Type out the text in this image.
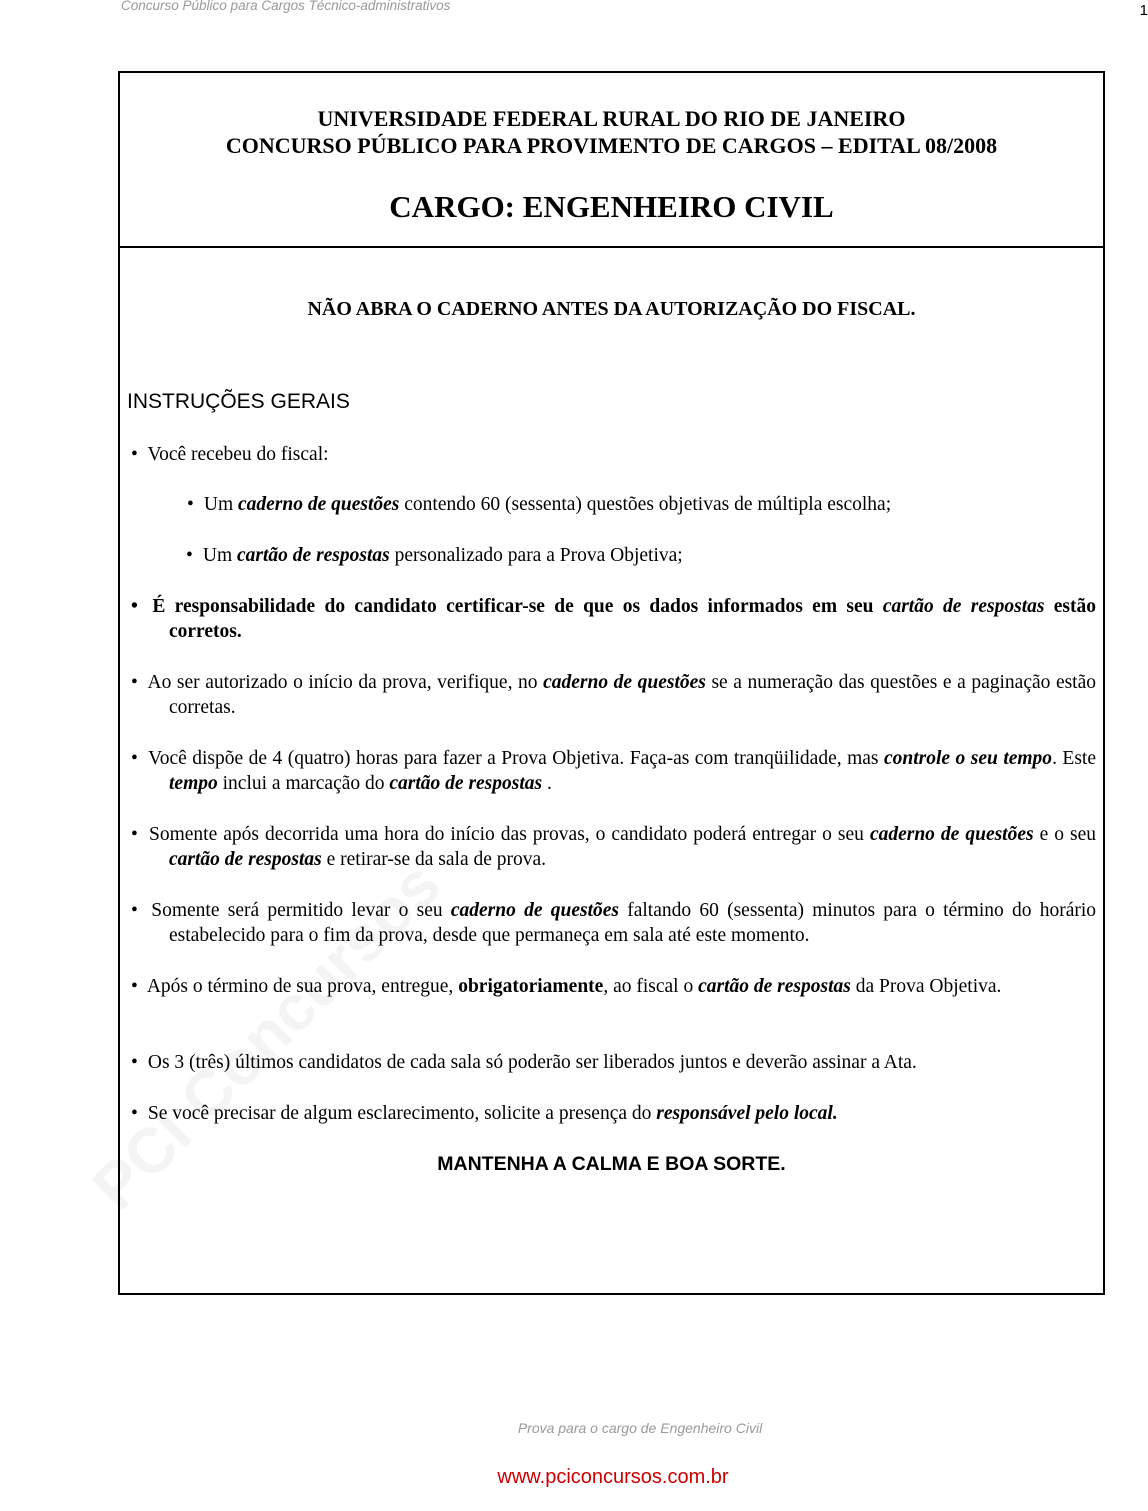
Concurso Público para Cargos Técnico-administrativos	1
UNIVERSIDADE FEDERAL RURAL DO RIO DE JANEIRO
CONCURSO PÚBLICO PARA PROVIMENTO DE CARGOS – EDITAL 08/2008
CARGO: ENGENHEIRO CIVIL
NÃO ABRA O CADERNO ANTES DA AUTORIZAÇÃO DO FISCAL.
INSTRUÇÕES GERAIS
• Você recebeu do fiscal:
• Um caderno de questões contendo 60 (sessenta) questões objetivas de múltipla escolha;
• Um cartão de respostas personalizado para a Prova Objetiva;
• É responsabilidade do candidato certificar-se de que os dados informados em seu cartão de respostas estão corretos.
• Ao ser autorizado o início da prova, verifique, no caderno de questões se a numeração das questões e a paginação estão corretas.
• Você dispõe de 4 (quatro) horas para fazer a Prova Objetiva. Faça-as com tranqüilidade, mas controle o seu tempo. Este tempo inclui a marcação do cartão de respostas .
• Somente após decorrida uma hora do início das provas, o candidato poderá entregar o seu caderno de questões e o seu cartão de respostas e retirar-se da sala de prova.
• Somente será permitido levar o seu caderno de questões faltando 60 (sessenta) minutos para o término do horário estabelecido para o fim da prova, desde que permaneça em sala até este momento.
• Após o término de sua prova, entregue, obrigatoriamente, ao fiscal o cartão de respostas da Prova Objetiva.
• Os 3 (três) últimos candidatos de cada sala só poderão ser liberados juntos e deverão assinar a Ata.
• Se você precisar de algum esclarecimento, solicite a presença do responsável pelo local.
MANTENHA A CALMA E BOA SORTE.
Prova para o cargo de Engenheiro Civil
www.pciconcursos.com.br
